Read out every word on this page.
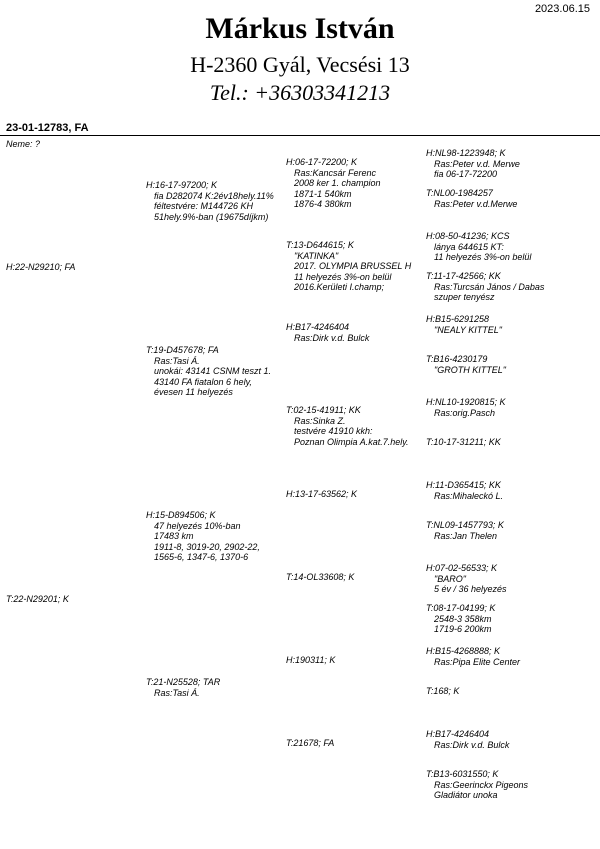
2023.06.15
Márkus István
H-2360 Gyál, Vecsési 13
Tel.: +36303341213
23-01-12783, FA
Neme: ?
H:22-N29210; FA
T:22-N29201; K
H:16-17-97200; K
fia D282074 K:2év18hely.11%
féltestvére: M144726 KH
51hely.9%-ban (19675díjkm)
T:19-D457678; FA
Ras:Tasi Á.
unokái: 43141 CSNM teszt 1.
43140 FA fiatalon 6 hely,
évesen 11 helyezés
H:15-D894506; K
47 helyezés 10%-ban
17483 km
1911-8, 3019-20, 2902-22,
1565-6, 1347-6, 1370-6
T:21-N25528; TAR
Ras:Tasi Á.
H:06-17-72200; K
Ras:Kancsár Ferenc
2008 ker 1. champion
1871-1 540km
1876-4 380km
T:13-D644615; K
"KATINKA"
2017. OLYMPIA BRUSSEL H
11 helyezés 3%-on belül
2016.Kerületi I.champ;
H:B17-4246404
Ras:Dirk v.d. Bulck
T:02-15-41911; KK
Ras:Sinka Z.
testvére 41910 kkh:
Poznan Olimpia A.kat.7.hely.
H:13-17-63562; K
T:14-OL33608; K
H:190311; K
T:21678; FA
H:NL98-1223948; K
Ras:Peter v.d. Merwe
fia 06-17-72200
T:NL00-1984257
Ras:Peter v.d.Merwe
H:08-50-41236; KCS
lánya 644615 KT:
11 helyezés 3%-on belül
T:11-17-42566; KK
Ras:Turcsán János / Dabas
szuper tenyész
H:B15-6291258
"NEALY KITTEL"
T:B16-4230179
"GROTH KITTEL"
H:NL10-1920815; K
Ras:orig.Pasch
T:10-17-31211; KK
H:11-D365415; KK
Ras:Mihaleckó L.
T:NL09-1457793; K
Ras:Jan Thelen
H:07-02-56533; K
"BARO"
5 év / 36 helyezés
T:08-17-04199; K
2548-3 358km
1719-6 200km
H:B15-4268888; K
Ras:Pipa Elite Center
T:168; K
H:B17-4246404
Ras:Dirk v.d. Bulck
T:B13-6031550; K
Ras:Geerinckx Pigeons
Gladiátor unoka
